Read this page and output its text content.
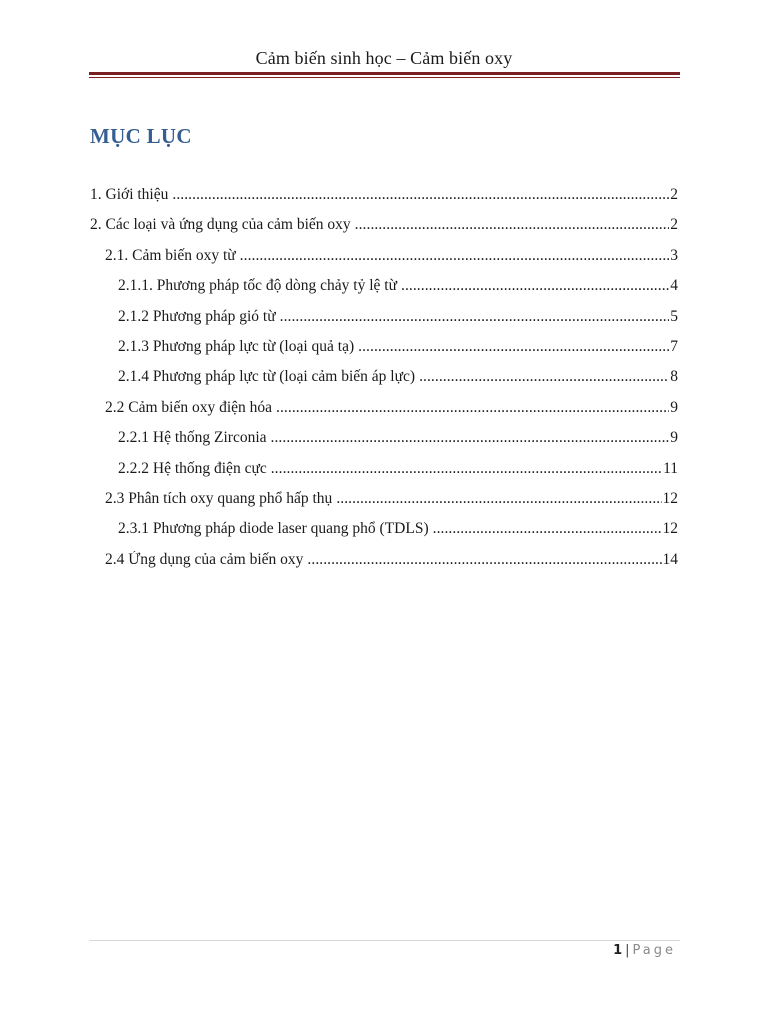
Cảm biến sinh học – Cảm biến oxy
MỤC LỤC
1. Giới thiệu . . .	2
2. Các loại và ứng dụng của cảm biến oxy . . .	2
2.1. Cảm biến oxy từ . . .	3
2.1.1. Phương pháp tốc độ dòng chảy tỷ lệ từ . . .	4
2.1.2 Phương pháp gió từ . . .	5
2.1.3 Phương pháp lực từ (loại quả tạ) . . .	7
2.1.4 Phương pháp lực từ (loại cảm biến áp lực) . . .	8
2.2 Cảm biến oxy điện hóa . . .	9
2.2.1 Hệ thống Zirconia . . .	9
2.2.2 Hệ thống điện cực . . .	11
2.3 Phân tích oxy quang phổ hấp thụ . . .	12
2.3.1 Phương pháp diode laser quang phổ (TDLS) . . .	12
2.4 Ứng dụng của cảm biến oxy . . .	14
1 | Page
